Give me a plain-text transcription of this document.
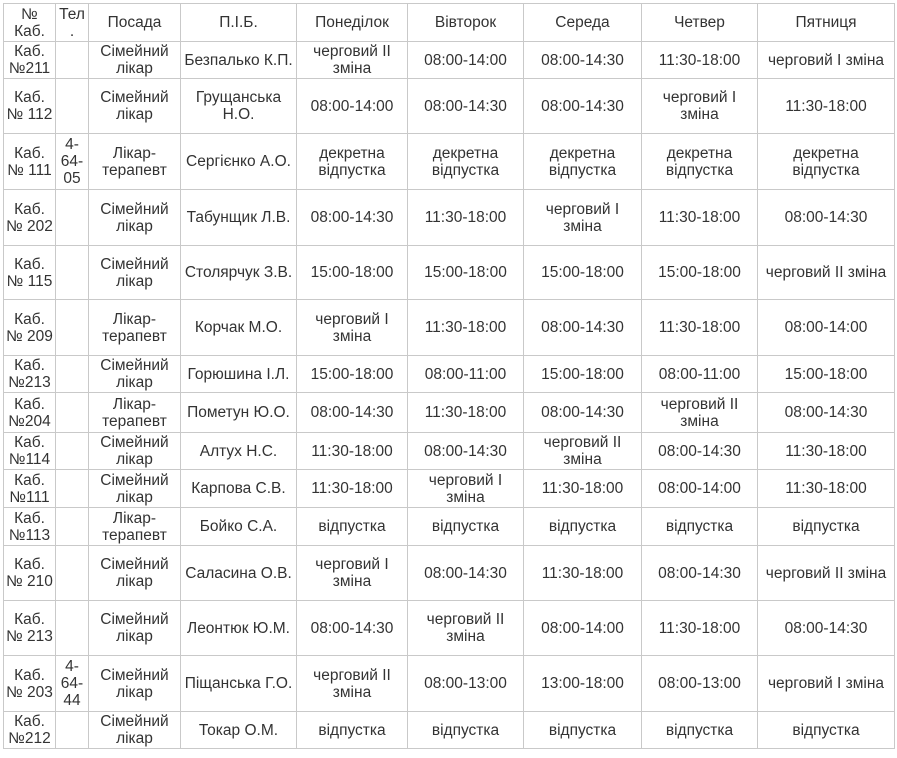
№ Каб.	Тел.	Посада	П.І.Б.	Понеділок	Вівторок	Середа	Четвер	Пятниця
Каб. №211		Сімейний лікар	Безпалько К.П.	черговий ІІ зміна	08:00-14:00	08:00-14:30	11:30-18:00	черговий І зміна
Каб. № 112		Сімейний лікар	Грущанська Н.О.	08:00-14:00	08:00-14:30	08:00-14:30	черговий І зміна	11:30-18:00
Каб. № 111	4-64-05	Лікар-терапевт	Сергієнко А.О.	декретна відпустка	декретна відпустка	декретна відпустка	декретна відпустка	декретна відпустка
Каб. № 202		Сімейний лікар	Табунщик Л.В.	08:00-14:30	11:30-18:00	черговий І зміна	11:30-18:00	08:00-14:30
Каб. № 115		Сімейний лікар	Столярчук З.В.	15:00-18:00	15:00-18:00	15:00-18:00	15:00-18:00	черговий ІІ зміна
Каб. № 209		Лікар-терапевт	Корчак М.О.	черговий І зміна	11:30-18:00	08:00-14:30	11:30-18:00	08:00-14:00
Каб. №213		Сімейний лікар	Горюшина І.Л.	15:00-18:00	08:00-11:00	15:00-18:00	08:00-11:00	15:00-18:00
Каб. №204		Лікар-терапевт	Пометун Ю.О.	08:00-14:30	11:30-18:00	08:00-14:30	черговий ІІ зміна	08:00-14:30
Каб. №114		Сімейний лікар	Алтух Н.С.	11:30-18:00	08:00-14:30	черговий ІІ зміна	08:00-14:30	11:30-18:00
Каб. №111		Сімейний лікар	Карпова С.В.	11:30-18:00	черговий І зміна	11:30-18:00	08:00-14:00	11:30-18:00
Каб. №113		Лікар-терапевт	Бойко С.А.	відпустка	відпустка	відпустка	відпустка	відпустка
Каб. № 210		Сімейний лікар	Саласина О.В.	черговий І зміна	08:00-14:30	11:30-18:00	08:00-14:30	черговий ІІ зміна
Каб. № 213		Сімейний лікар	Леонтюк Ю.М.	08:00-14:30	черговий ІІ зміна	08:00-14:00	11:30-18:00	08:00-14:30
Каб. № 203	4-64-44	Сімейний лікар	Піщанська Г.О.	черговий ІІ зміна	08:00-13:00	13:00-18:00	08:00-13:00	черговий І зміна
Каб. №212		Сімейний лікар	Токар О.М.	відпустка	відпустка	відпустка	відпустка	відпустка
